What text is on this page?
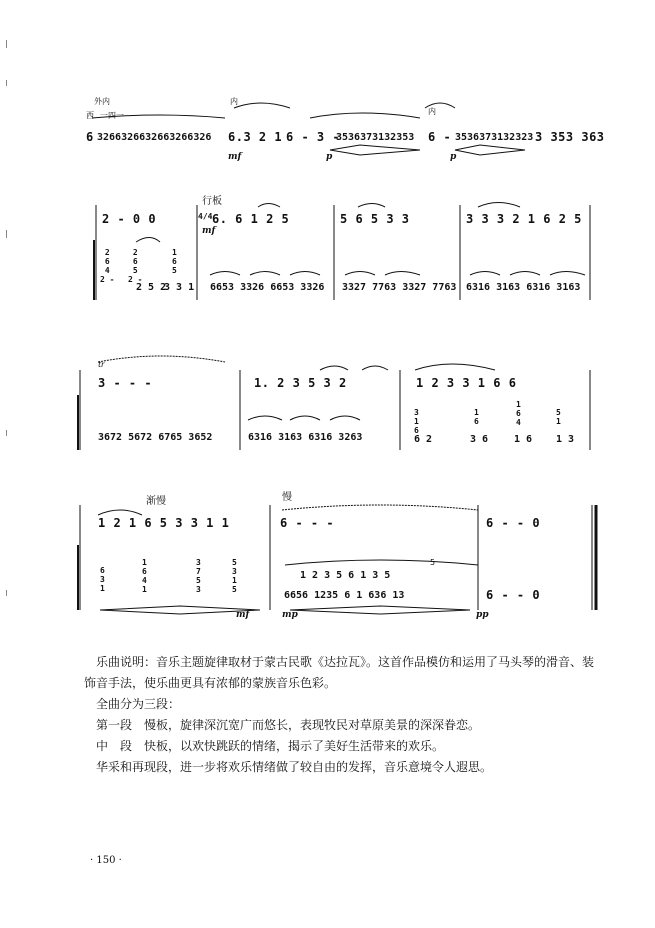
外内
西 一四一
内
内
6 3266326632663266326 6.3 2 1 6 - 3 -
3536373132353 6 - 3536373132323 3 353 363
mf	p	p
行板
4/4
mf
2 - 0 0	6. 6 1 2 5	5 6 5 3 3	3 3 3 2 1 6 2 5
2
6
4
2 -
2
6
5
2 -
1
6
5
2 5 2
3 3 1 6653 3326 6653 3326 3327 7763 3327 7763 6316 3163 6316 3163
tr
3 - - -	1. 2 3 5 3 2	1 2 3 3 1 6 6
3672 5672 6765 3652	6316 3163 6316 3263
3
1
6
1
6
1
6
4
5
1
6 2	3 6	1 6 1 3
渐慢	慢
1 2 1 6 5 3 3 1 1	6 - - -	6 - - 0
6
3
1
1
6
4
1
3
7
5
3
5
3
1
5
1 2 3 5 6 1 3 5
6656 1235 6 1 636 13	6 - - 0
5
mf	mp	pp

乐曲说明：音乐主题旋律取材于蒙古民歌《达拉瓦》。这首作品模仿和运用了马头琴的滑音、装

饰音手法，使乐曲更具有浓郁的蒙族音乐色彩。

全曲分为三段：

第一段　慢板，旋律深沉宽广而悠长，表现牧民对草原美景的深深眷恋。

中　段　快板，以欢快跳跃的情绪，揭示了美好生活带来的欢乐。

华采和再现段，进一步将欢乐情绪做了较自由的发挥，音乐意境令人遐思。

· 150 ·
